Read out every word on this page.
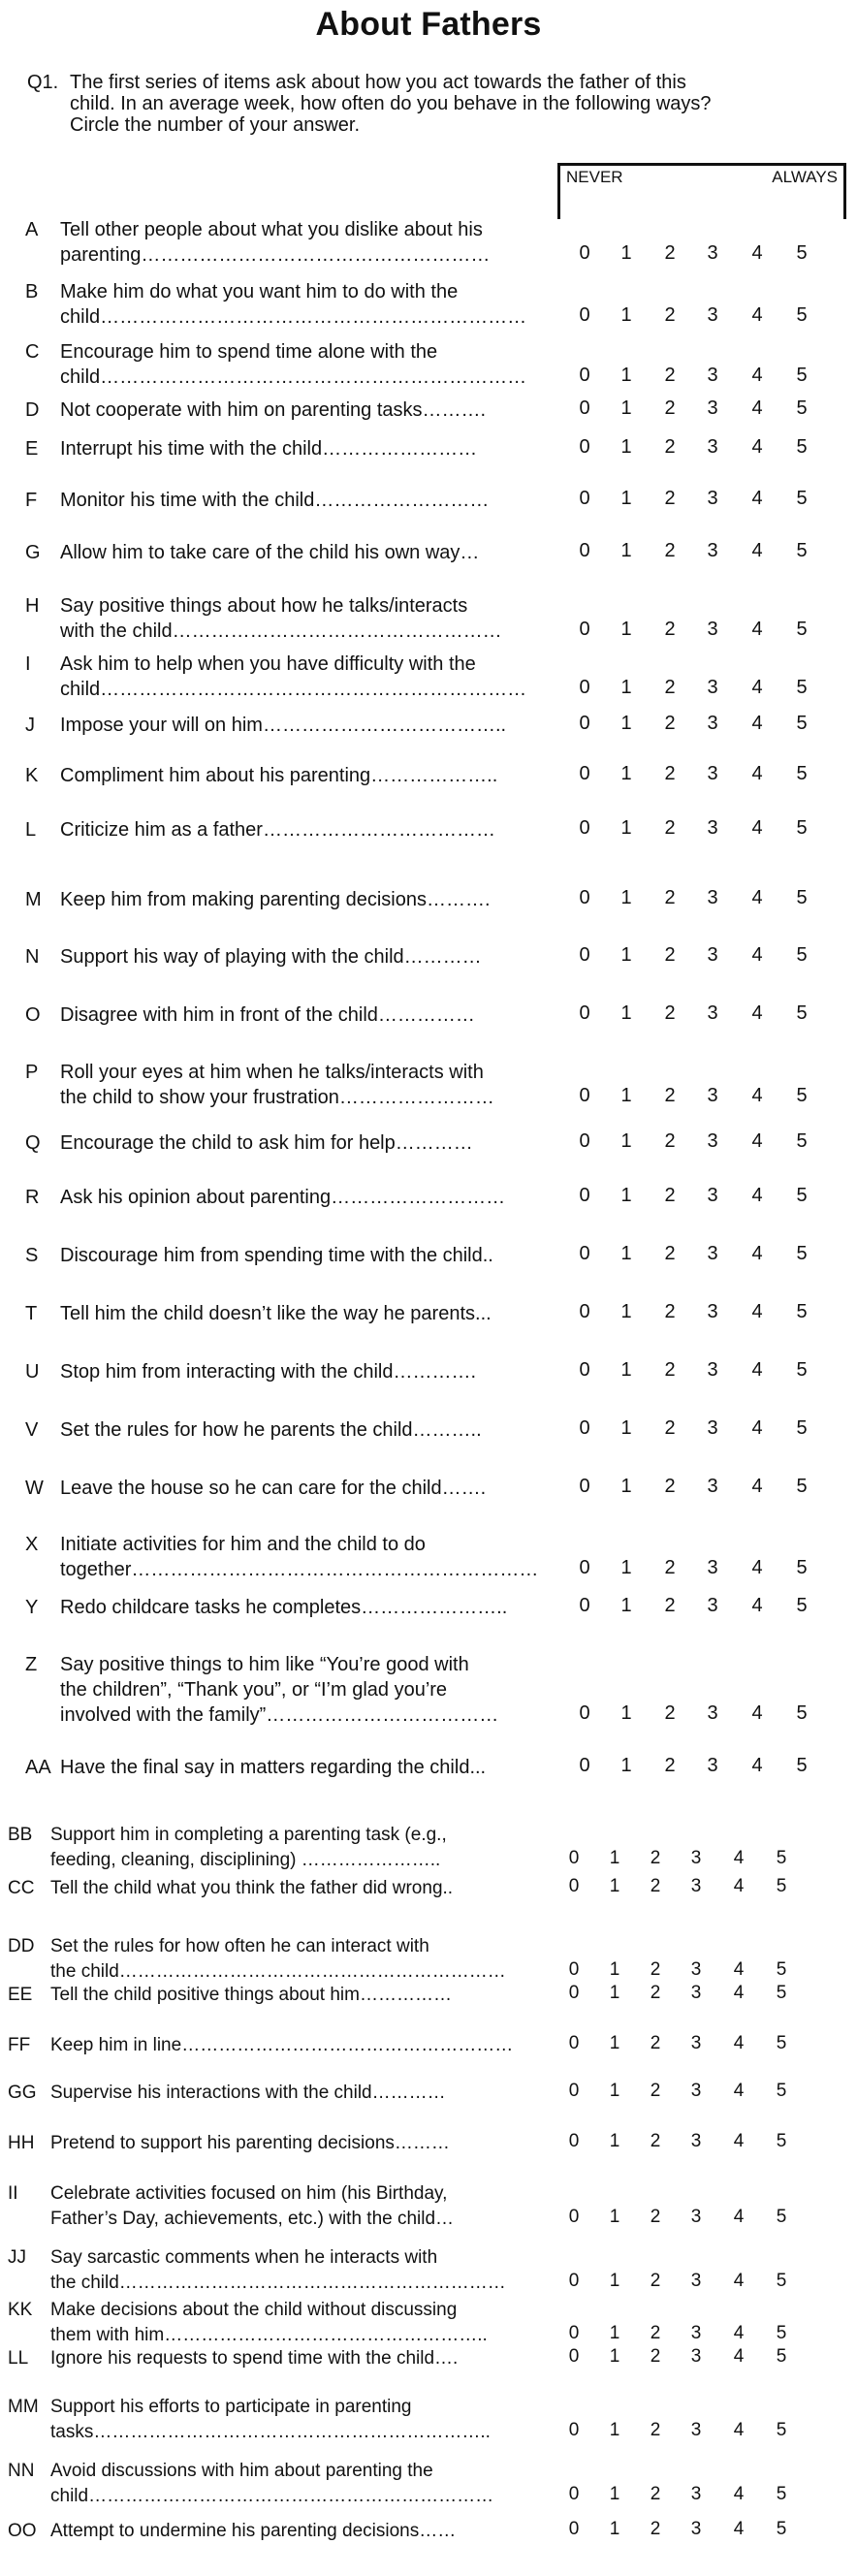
About Fathers
Q1. The first series of items ask about how you act towards the father of this
child. In an average week, how often do you behave in the following ways?
Circle the number of your answer.
NEVER	ALWAYS
A Tell other people about what you dislike about his
parenting………………………………………………	0 1 2 3 4 5
B Make him do what you want him to do with the
child…………………………………………………………	0 1 2 3 4 5
C Encourage him to spend time alone with the
child…………………………………………………………	0 1 2 3 4 5
D Not cooperate with him on parenting tasks……….	0 1 2 3 4 5
E Interrupt his time with the child……………………	0 1 2 3 4 5
F Monitor his time with the child………………………	0 1 2 3 4 5
G Allow him to take care of the child his own way…	0 1 2 3 4 5
H Say positive things about how he talks/interacts
with the child……………………………………………	0 1 2 3 4 5
I Ask him to help when you have difficulty with the
child…………………………………………………………	0 1 2 3 4 5
J Impose your will on him………………………………..	0 1 2 3 4 5
K Compliment him about his parenting………………..	0 1 2 3 4 5
L Criticize him as a father………………………………	0 1 2 3 4 5
M Keep him from making parenting decisions……….	0 1 2 3 4 5
N Support his way of playing with the child…………	0 1 2 3 4 5
O Disagree with him in front of the child……………	0 1 2 3 4 5
P Roll your eyes at him when he talks/interacts with
the child to show your frustration……………………	0 1 2 3 4 5
Q Encourage the child to ask him for help…………	0 1 2 3 4 5
R Ask his opinion about parenting………………………	0 1 2 3 4 5
S Discourage him from spending time with the child..	0 1 2 3 4 5
T Tell him the child doesn’t like the way he parents...	0 1 2 3 4 5
U Stop him from interacting with the child………….	0 1 2 3 4 5
V Set the rules for how he parents the child………..	0 1 2 3 4 5
W Leave the house so he can care for the child…….	0 1 2 3 4 5
X Initiate activities for him and the child to do
together……………………………………………………… 0 1 2 3 4 5
Y Redo childcare tasks he completes…………………..	0 1 2 3 4 5
Z Say positive things to him like “You’re good with
the children”, “Thank you”, or “I’m glad you’re
involved with the family”………………………………	0 1 2 3 4 5
AA Have the final say in matters regarding the child...	0 1 2 3 4 5
BB Support him in completing a parenting task (e.g.,
feeding, cleaning, disciplining) …………………..	0 1 2 3 4 5
CC Tell the child what you think the father did wrong..	0 1 2 3 4 5
DD Set the rules for how often he can interact with
the child………………………………………………………	0 1 2 3 4 5
EE Tell the child positive things about him……………	0 1 2 3 4 5
FF Keep him in line………………………………………………	0 1 2 3 4 5
GG Supervise his interactions with the child…………	0 1 2 3 4 5
HH Pretend to support his parenting decisions………	0 1 2 3 4 5
II Celebrate activities focused on him (his Birthday,
Father’s Day, achievements, etc.) with the child…	0 1 2 3 4 5
JJ Say sarcastic comments when he interacts with
the child………………………………………………………	0 1 2 3 4 5
KK Make decisions about the child without discussing
them with him……………………………………………..	0 1 2 3 4 5
LL Ignore his requests to spend time with the child….	0 1 2 3 4 5
MM Support his efforts to participate in parenting
tasks………………………………………………………..	0 1 2 3 4 5
NN Avoid discussions with him about parenting the
child…………………………………………………………	0 1 2 3 4 5
OO Attempt to undermine his parenting decisions……	0 1 2 3 4 5
